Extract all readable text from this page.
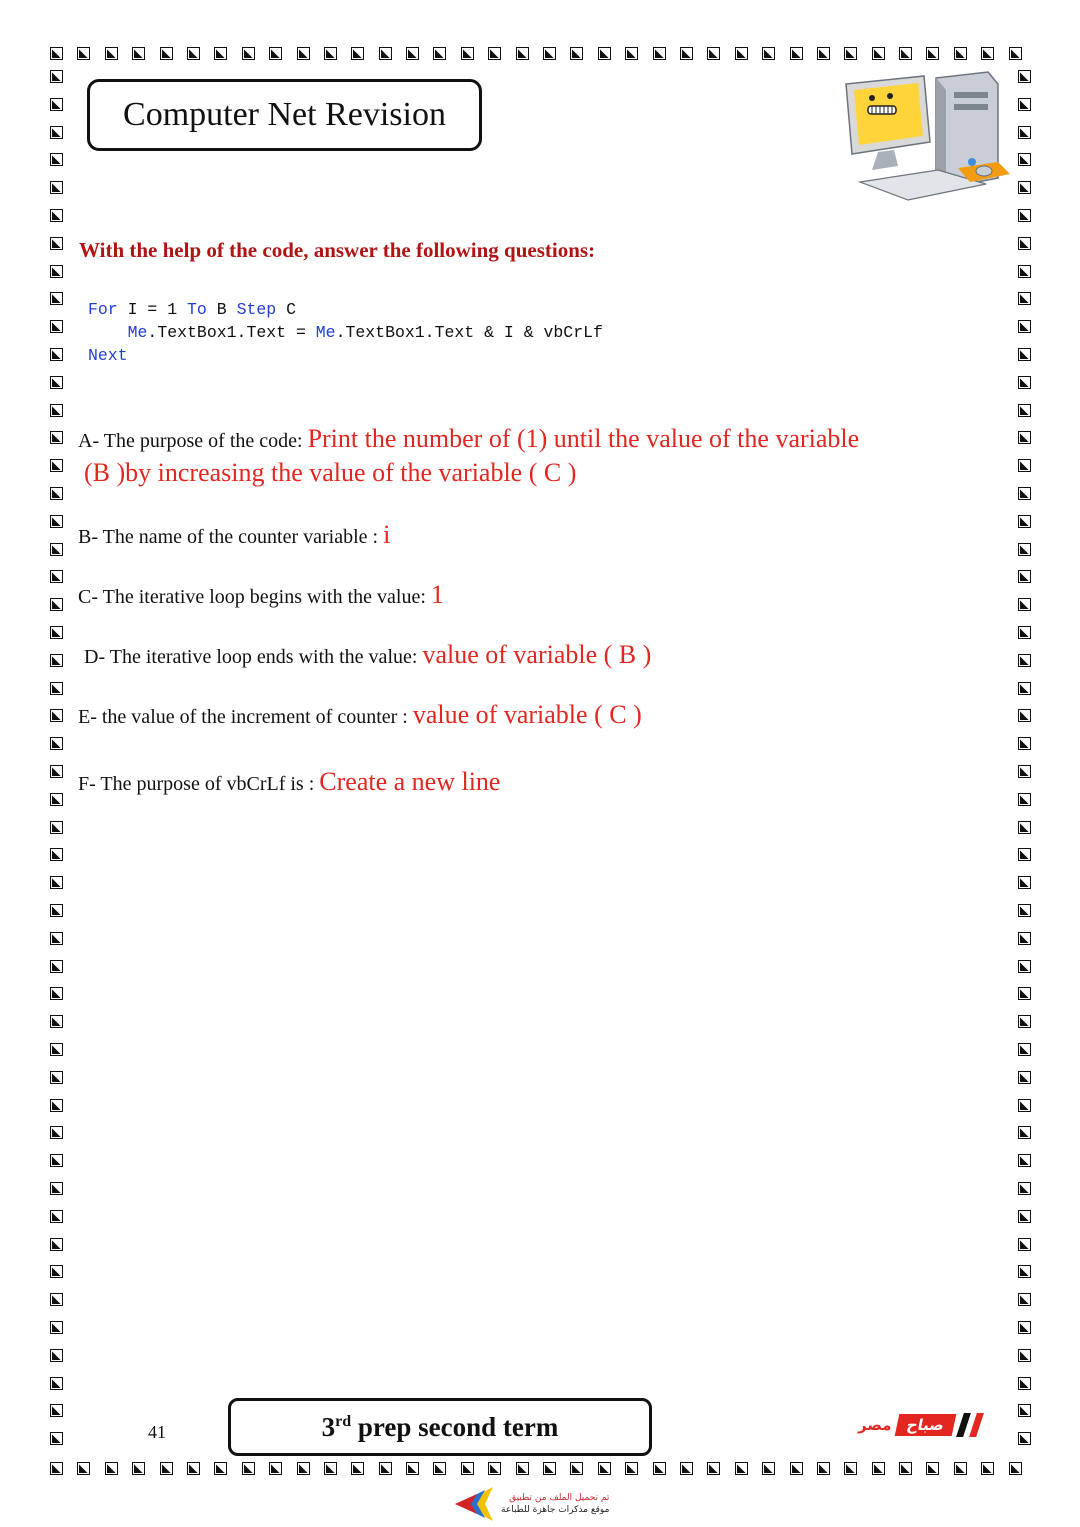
Computer Net Revision
With the help of the code, answer the following questions:
For I = 1 To B Step C
Me.TextBox1.Text = Me.TextBox1.Text & I & vbCrLf
Next
A- The purpose of the code: Print the number of (1) until the value of the variable
(B )by increasing the value of the variable ( C )
B- The name of the counter variable : i
C- The iterative loop begins with the value: 1
D- The iterative loop ends with the value: value of variable ( B )
E- the value of the increment of counter : value of variable ( C )
F- The purpose of vbCrLf is : Create a new line
41	3rd prep second term	مصر صباح
تم تحميل الملف من تطبيق
موقع مذكرات جاهزة للطباعة
